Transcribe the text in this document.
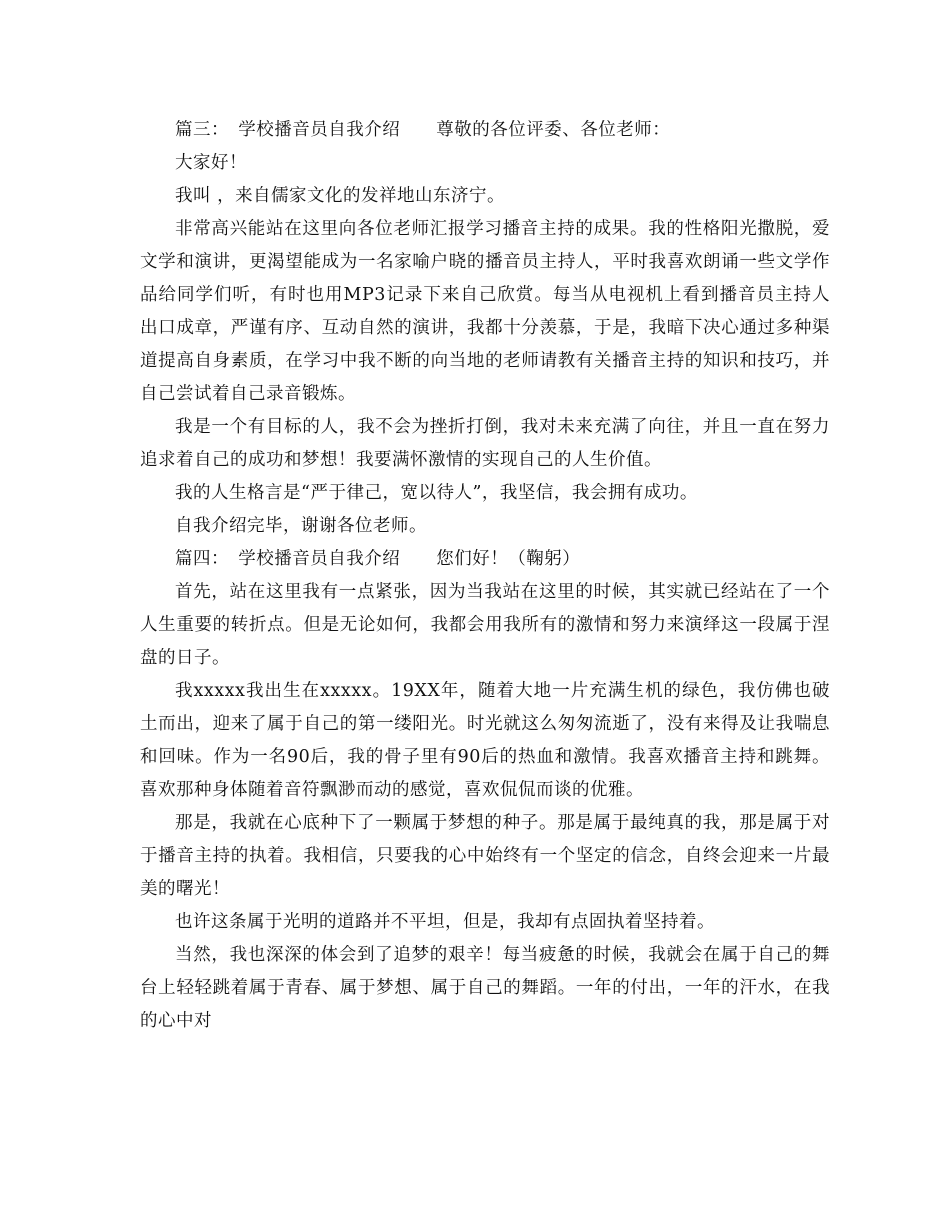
篇三：　学校播音员自我介绍　　尊敬的各位评委、各位老师：

大家好！

我叫 ，来自儒家文化的发祥地山东济宁。

非常高兴能站在这里向各位老师汇报学习播音主持的成果。我的性格阳光撒脱，爱文学和演讲，更渴望能成为一名家喻户晓的播音员主持人，平时我喜欢朗诵一些文学作品给同学们听，有时也用MP3记录下来自己欣赏。每当从电视机上看到播音员主持人出口成章，严谨有序、互动自然的演讲，我都十分羡慕，于是，我暗下决心通过多种渠道提高自身素质，在学习中我不断的向当地的老师请教有关播音主持的知识和技巧，并自己尝试着自己录音锻炼。

我是一个有目标的人，我不会为挫折打倒，我对未来充满了向往，并且一直在努力追求着自己的成功和梦想！我要满怀激情的实现自己的人生价值。

我的人生格言是“严于律己，宽以待人”，我坚信，我会拥有成功。

自我介绍完毕，谢谢各位老师。

篇四：　学校播音员自我介绍　　您们好！（鞠躬）

首先，站在这里我有一点紧张，因为当我站在这里的时候，其实就已经站在了一个人生重要的转折点。但是无论如何，我都会用我所有的激情和努力来演绎这一段属于涅盘的日子。

我xxxxx我出生在xxxxx。19XX年，随着大地一片充满生机的绿色，我仿佛也破土而出，迎来了属于自己的第一缕阳光。时光就这么匆匆流逝了，没有来得及让我喘息和回味。作为一名90后，我的骨子里有90后的热血和激情。我喜欢播音主持和跳舞。喜欢那种身体随着音符飘渺而动的感觉，喜欢侃侃而谈的优雅。

那是，我就在心底种下了一颗属于梦想的种子。那是属于最纯真的我，那是属于对于播音主持的执着。我相信，只要我的心中始终有一个坚定的信念，自终会迎来一片最美的曙光！

也许这条属于光明的道路并不平坦，但是，我却有点固执着坚持着。

当然，我也深深的体会到了追梦的艰辛！每当疲惫的时候，我就会在属于自己的舞台上轻轻跳着属于青春、属于梦想、属于自己的舞蹈。一年的付出，一年的汗水，在我的心中对
